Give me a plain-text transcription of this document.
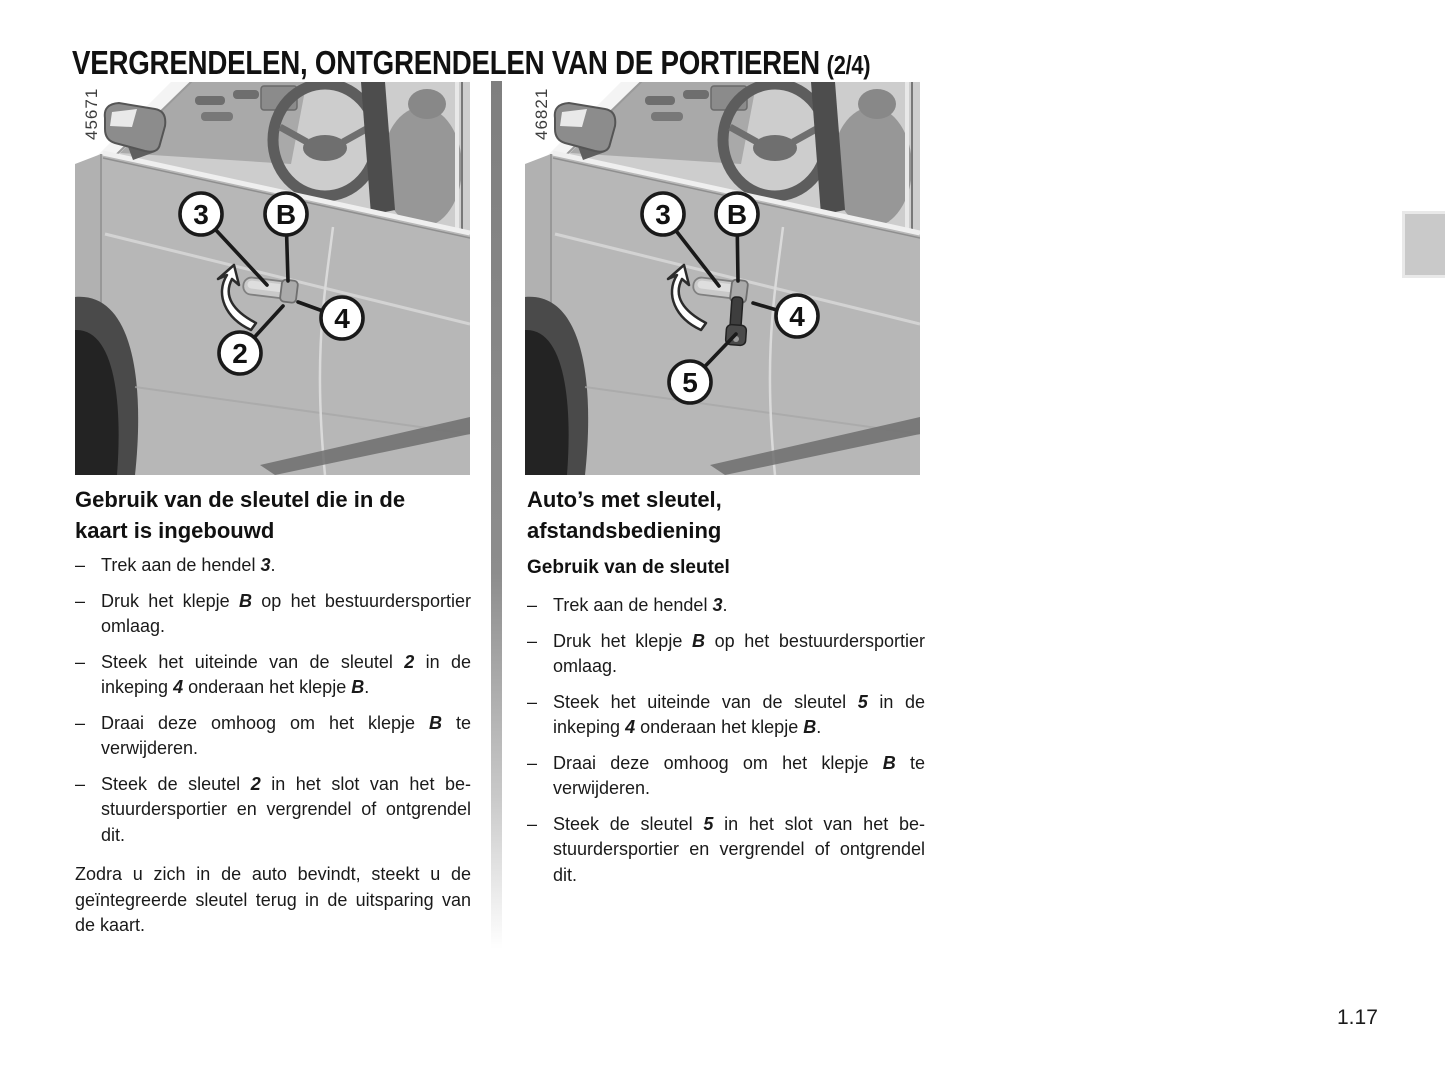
VERGRENDELEN, ONTGRENDELEN VAN DE PORTIEREN (2/4)
45671
3 B
4
2
46821
3 B
4
5
Gebruik van de sleutel die in de
kaart is ingebouwd
– Trek aan de hendel 3.
– Druk het klepje B op het bestuurdersportier omlaag.
– Steek het uiteinde van de sleutel 2 in de inkeping 4 onderaan het klepje B.
– Draai deze omhoog om het klepje B te verwijderen.
– Steek de sleutel 2 in het slot van het bestuurdersportier en vergrendel of ontgrendel dit.

Zodra u zich in de auto bevindt, steekt u de geïntegreerde sleutel terug in de uitsparing van de kaart.

Auto’s met sleutel,
afstandsbediening
Gebruik van de sleutel
– Trek aan de hendel 3.
– Druk het klepje B op het bestuurdersportier omlaag.
– Steek het uiteinde van de sleutel 5 in de inkeping 4 onderaan het klepje B.
– Draai deze omhoog om het klepje B te verwijderen.
– Steek de sleutel 5 in het slot van het bestuurdersportier en vergrendel of ontgrendel dit.
1.17
